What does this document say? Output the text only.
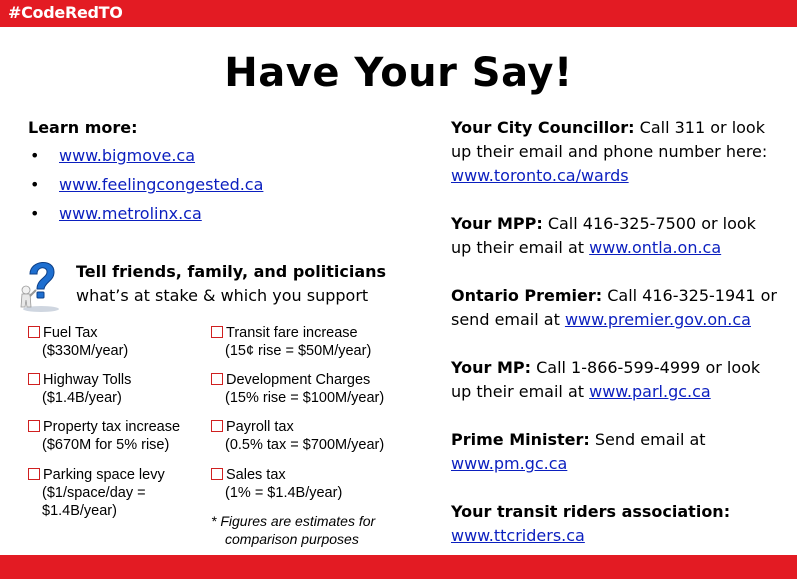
#CodeRedTO
Have Your Say!
Learn more:
• www.bigmove.ca
• www.feelingcongested.ca
• www.metrolinx.ca
Tell friends, family, and politicians
what’s at stake & which you support
Fuel Tax
($330M/year)
Highway Tolls
($1.4B/year)
Property tax increase
($670M for 5% rise)
Parking space levy
($1/space/day =
$1.4B/year)
Transit fare increase
(15¢ rise = $50M/year)
Development Charges
(15% rise = $100M/year)
Payroll tax
(0.5% tax = $700M/year)
Sales tax
(1% = $1.4B/year)
* Figures are estimates for
comparison purposes
Your City Councillor: Call 311 or look
up their email and phone number here:
www.toronto.ca/wards
Your MPP: Call 416-325-7500 or look
up their email at www.ontla.on.ca
Ontario Premier: Call 416-325-1941 or
send email at www.premier.gov.on.ca
Your MP: Call 1-866-599-4999 or look
up their email at www.parl.gc.ca
Prime Minister: Send email at
www.pm.gc.ca
Your transit riders association:
www.ttcriders.ca
